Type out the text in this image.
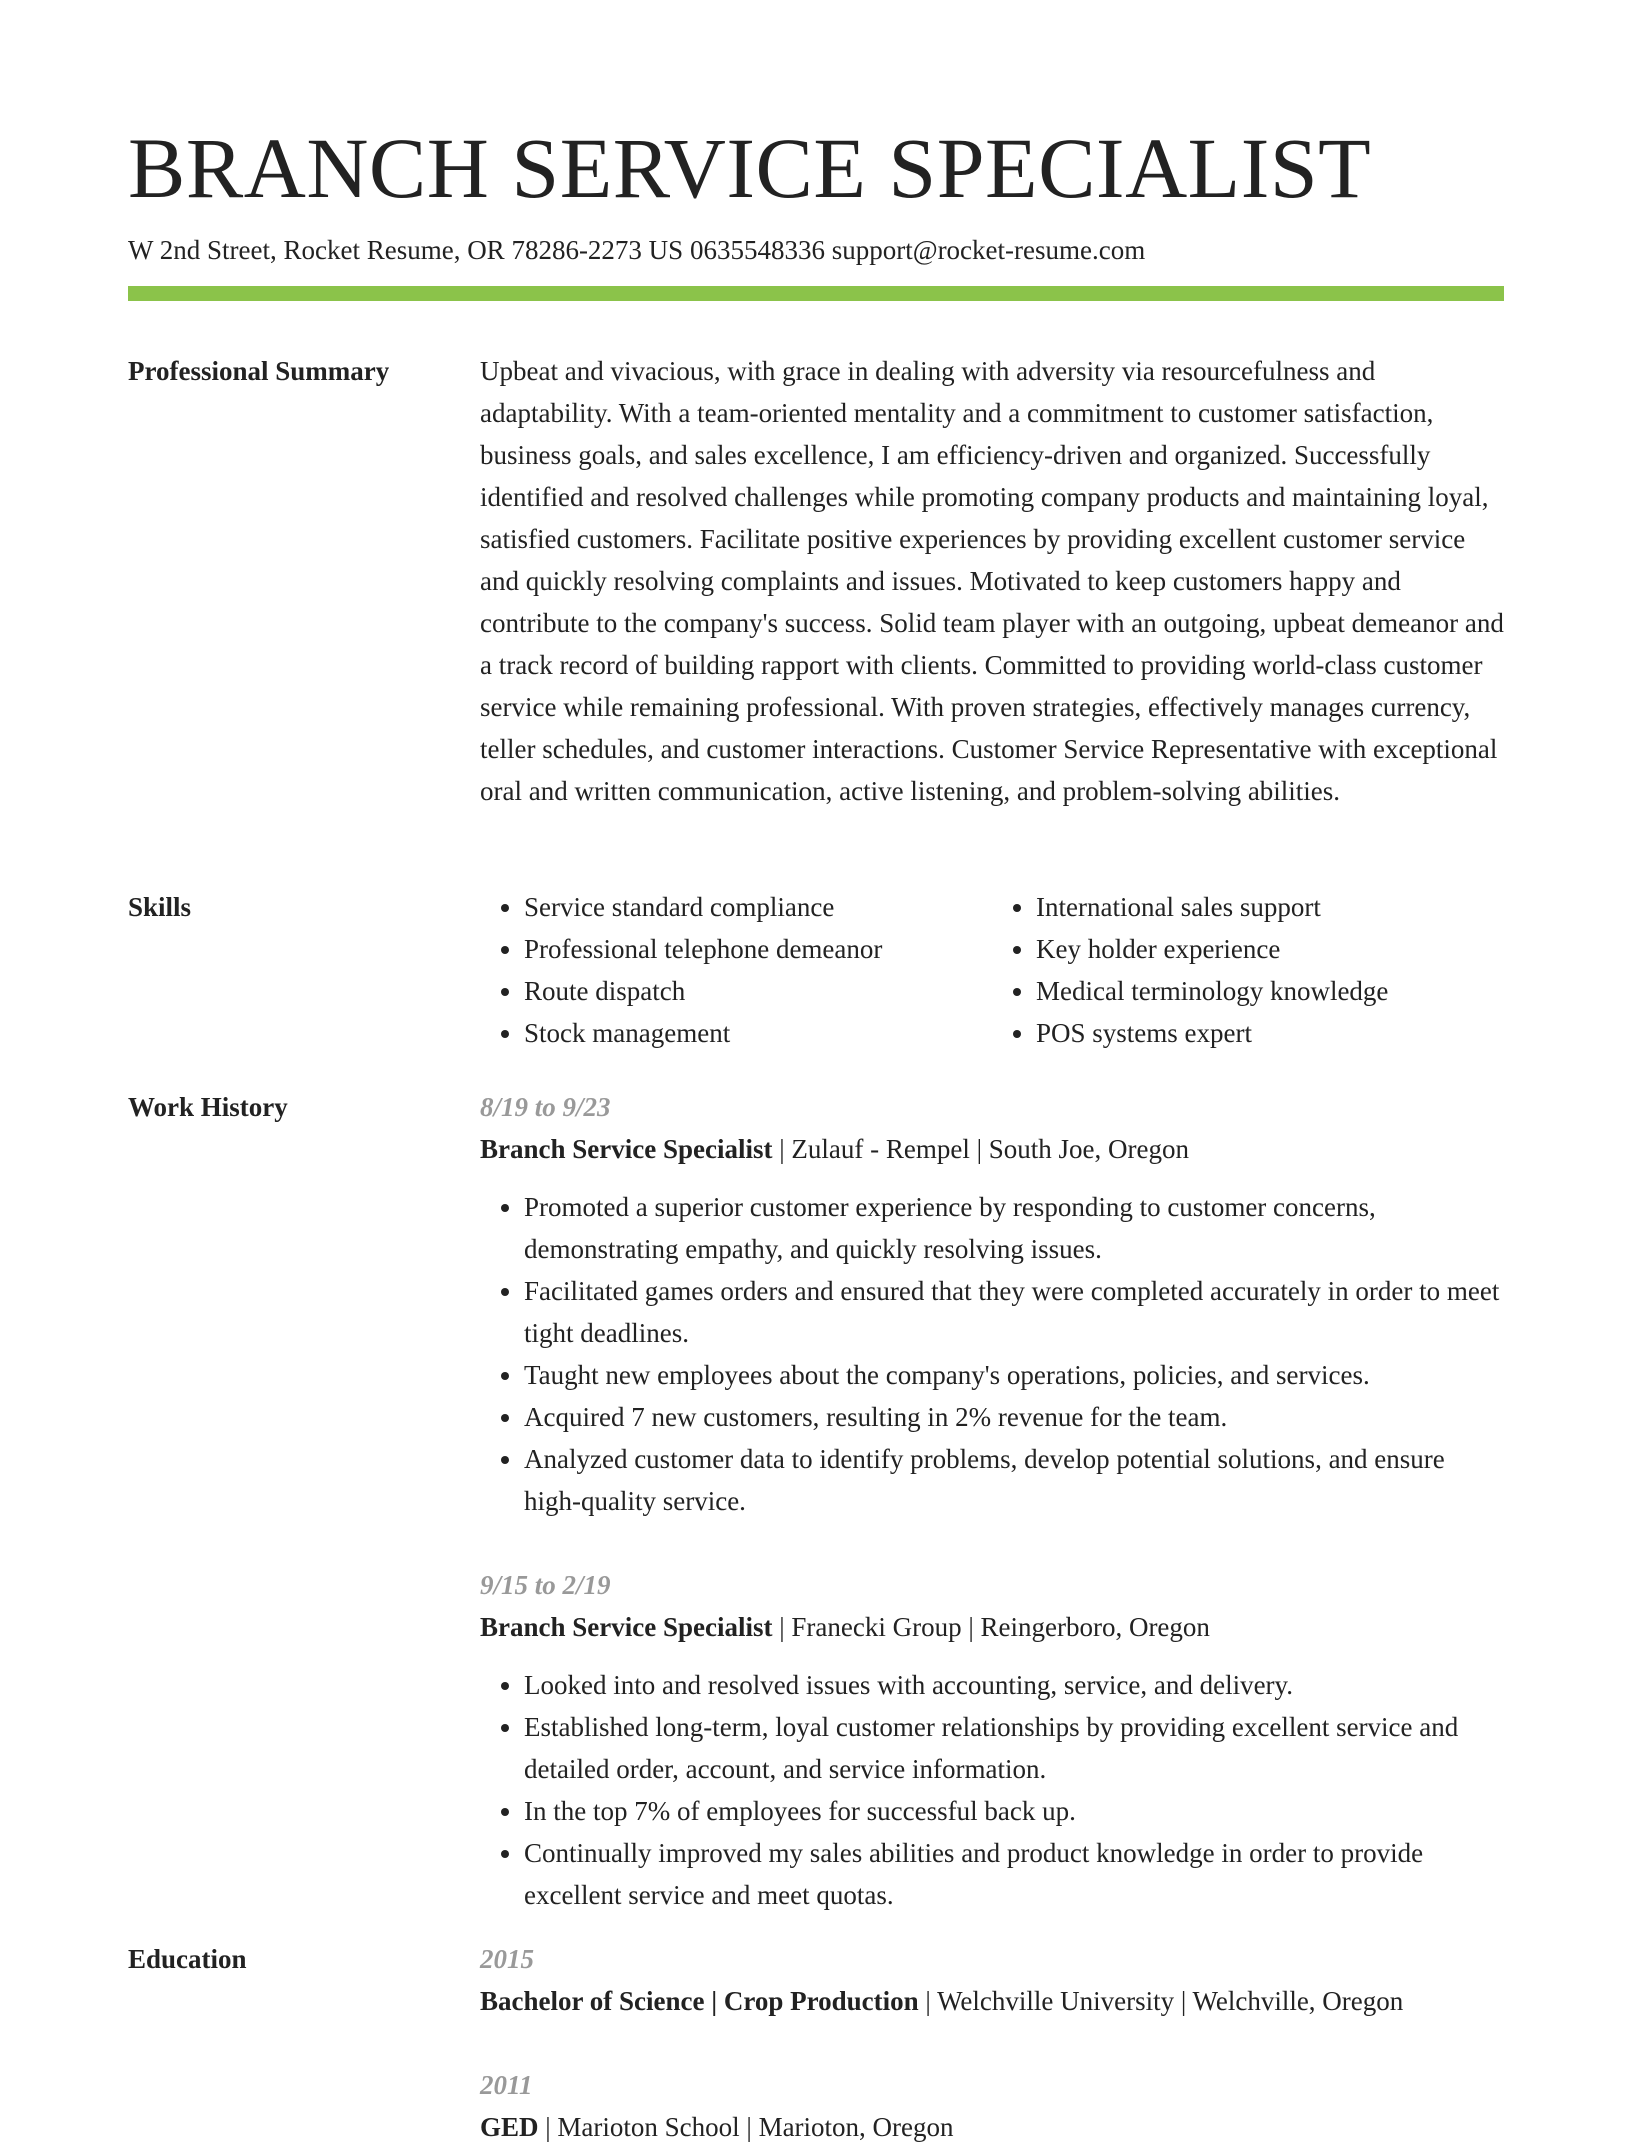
BRANCH SERVICE SPECIALIST
W 2nd Street, Rocket Resume, OR 78286-2273 US 0635548336 support@rocket-resume.com
Professional Summary	Upbeat and vivacious, with grace in dealing with adversity via resourcefulness and adaptability. With a team-oriented mentality and a commitment to customer satisfaction, business goals, and sales excellence, I am efficiency-driven and organized. Successfully identified and resolved challenges while promoting company products and maintaining loyal, satisfied customers. Facilitate positive experiences by providing excellent customer service and quickly resolving complaints and issues. Motivated to keep customers happy and contribute to the company's success. Solid team player with an outgoing, upbeat demeanor and a track record of building rapport with clients. Committed to providing world-class customer service while remaining professional. With proven strategies, effectively manages currency, teller schedules, and customer interactions. Customer Service Representative with exceptional oral and written communication, active listening, and problem-solving abilities.

Skills
•	Service standard compliance
• Professional telephone demeanor
• Route dispatch
• Stock management
• International sales support
• Key holder experience
• Medical terminology knowledge
• POS systems expert
Work History	8/19 to 9/23
Branch Service Specialist | Zulauf - Rempel | South Joe, Oregon
• Promoted a superior customer experience by responding to customer concerns, demonstrating empathy, and quickly resolving issues.
• Facilitated games orders and ensured that they were completed accurately in order to meet tight deadlines.
• Taught new employees about the company's operations, policies, and services.
• Acquired 7 new customers, resulting in 2% revenue for the team.
• Analyzed customer data to identify problems, develop potential solutions, and ensure high-quality service.
9/15 to 2/19
Branch Service Specialist | Franecki Group | Reingerboro, Oregon
• Looked into and resolved issues with accounting, service, and delivery.
• Established long-term, loyal customer relationships by providing excellent service and detailed order, account, and service information.
• In the top 7% of employees for successful back up.
• Continually improved my sales abilities and product knowledge in order to provide excellent service and meet quotas.
Education	2015
Bachelor of Science | Crop Production | Welchville University | Welchville, Oregon
2011
GED | Marioton School | Marioton, Oregon
